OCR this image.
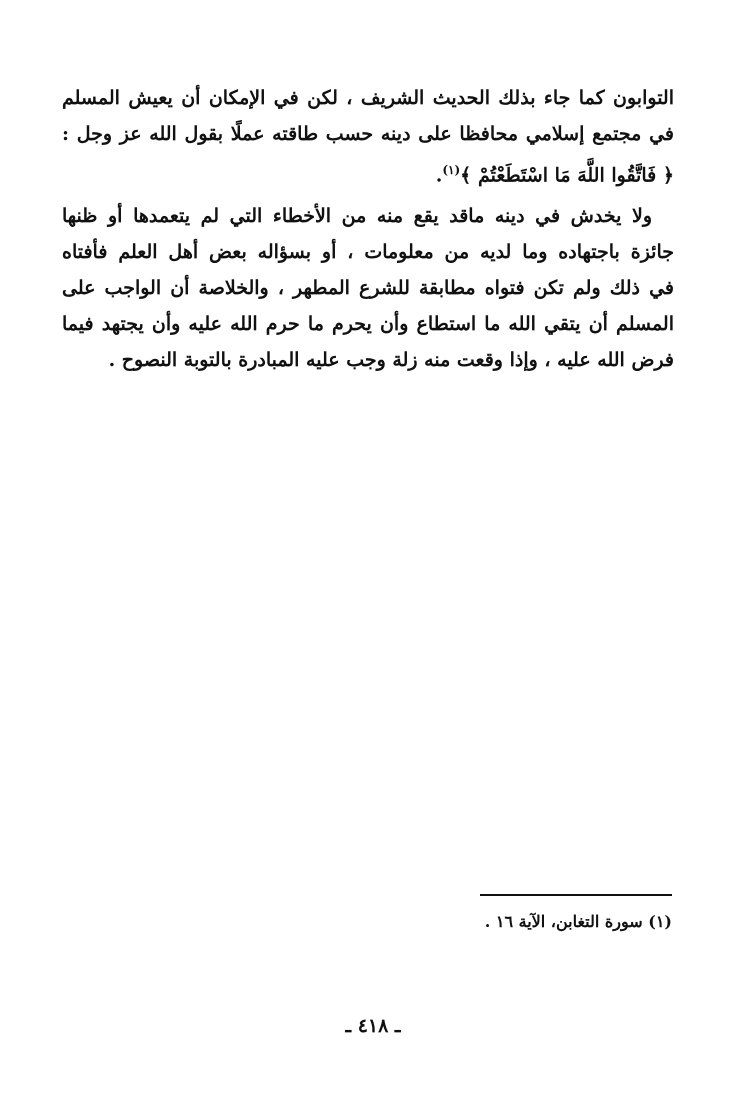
التوابون كما جاء بذلك الحديث الشريف ، لكن في الإمكان أن يعيش المسلم
في مجتمع إسلامي محافظا على دينه حسب طاقته عملًا بقول الله عز وجل :
﴿ فَاتَّقُوا اللَّهَ مَا اسْتَطَعْتُمْ ﴾$^{(١)}$.
ولا يخدش في دينه ماقد يقع منه من الأخطاء التي لم يتعمدها أو ظنها
جائزة باجتهاده وما لديه من معلومات ، أو بسؤاله بعض أهل العلم فأفتاه
في ذلك ولم تكن فتواه مطابقة للشرع المطهر ، والخلاصة أن الواجب على
المسلم أن يتقي الله ما استطاع وأن يحرم ما حرم الله عليه وأن يجتهد فيما
فرض الله عليه ، وإذا وقعت منه زلة وجب عليه المبادرة بالتوبة النصوح .
(١) سورة التغابن، الآية ١٦ .
ـ ٤١٨ ـ
